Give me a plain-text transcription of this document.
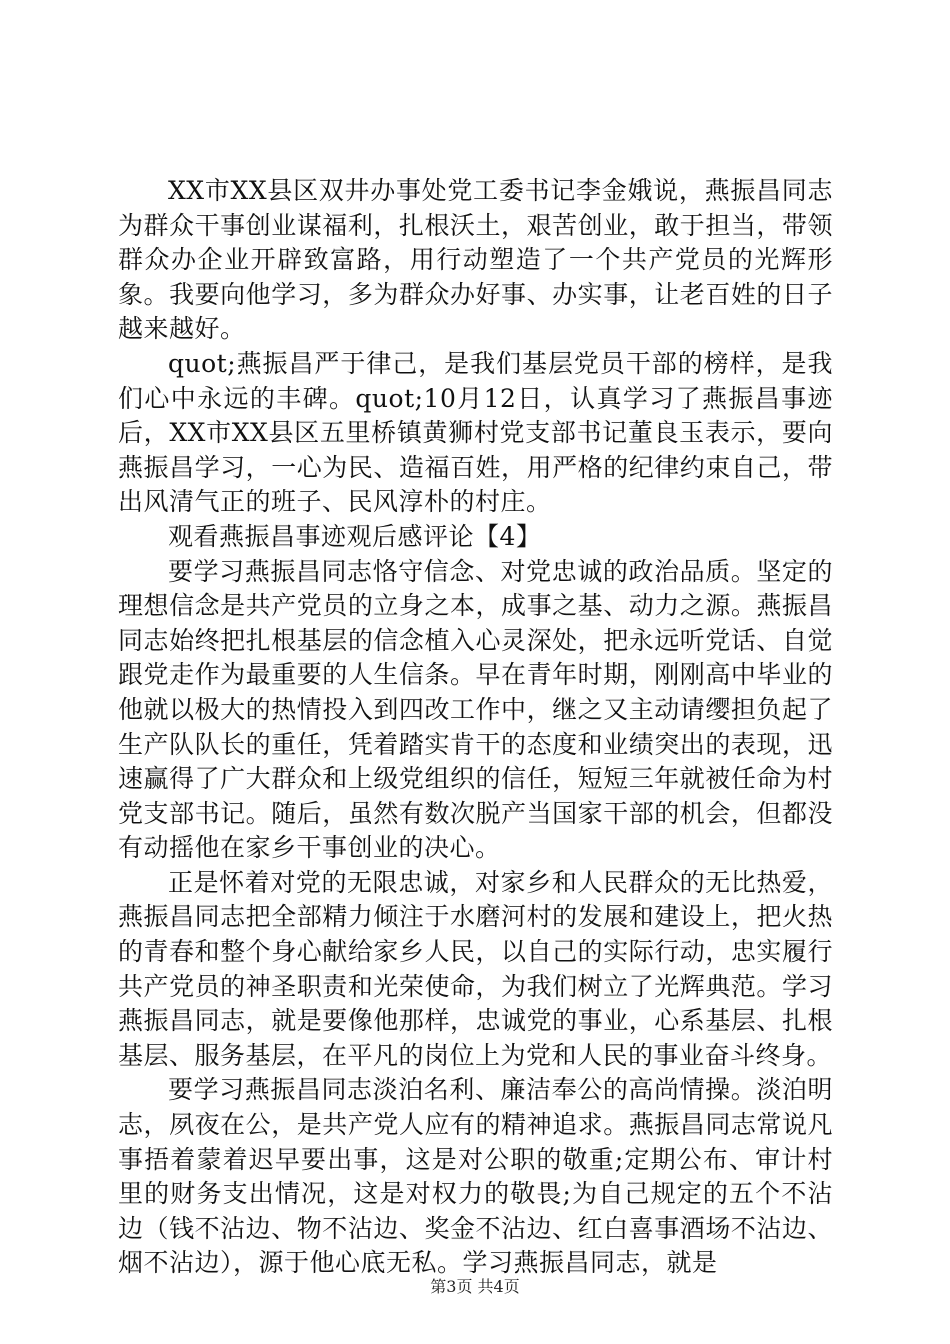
XX市XX县区双井办事处党工委书记李金娥说，燕振昌同志为群众干事创业谋福利，扎根沃土，艰苦创业，敢于担当，带领群众办企业开辟致富路，用行动塑造了一个共产党员的光辉形象。我要向他学习，多为群众办好事、办实事，让老百姓的日子越来越好。

quot;燕振昌严于律己，是我们基层党员干部的榜样，是我们心中永远的丰碑。quot;10月12日，认真学习了燕振昌事迹后，XX市XX县区五里桥镇黄狮村党支部书记董良玉表示，要向燕振昌学习，一心为民、造福百姓，用严格的纪律约束自己，带出风清气正的班子、民风淳朴的村庄。

观看燕振昌事迹观后感评论【4】

要学习燕振昌同志恪守信念、对党忠诚的政治品质。坚定的理想信念是共产党员的立身之本，成事之基、动力之源。燕振昌同志始终把扎根基层的信念植入心灵深处，把永远听党话、自觉跟党走作为最重要的人生信条。早在青年时期，刚刚高中毕业的他就以极大的热情投入到四改工作中，继之又主动请缨担负起了生产队队长的重任，凭着踏实肯干的态度和业绩突出的表现，迅速赢得了广大群众和上级党组织的信任，短短三年就被任命为村党支部书记。随后，虽然有数次脱产当国家干部的机会，但都没有动摇他在家乡干事创业的决心。

正是怀着对党的无限忠诚，对家乡和人民群众的无比热爱，燕振昌同志把全部精力倾注于水磨河村的发展和建设上，把火热的青春和整个身心献给家乡人民，以自己的实际行动，忠实履行共产党员的神圣职责和光荣使命，为我们树立了光辉典范。学习燕振昌同志，就是要像他那样，忠诚党的事业，心系基层、扎根基层、服务基层，在平凡的岗位上为党和人民的事业奋斗终身。

要学习燕振昌同志淡泊名利、廉洁奉公的高尚情操。淡泊明志，夙夜在公，是共产党人应有的精神追求。燕振昌同志常说凡事捂着蒙着迟早要出事，这是对公职的敬重;定期公布、审计村里的财务支出情况，这是对权力的敬畏;为自己规定的五个不沾边（钱不沾边、物不沾边、奖金不沾边、红白喜事酒场不沾边、烟不沾边），源于他心底无私。学习燕振昌同志，就是

第3页 共4页
